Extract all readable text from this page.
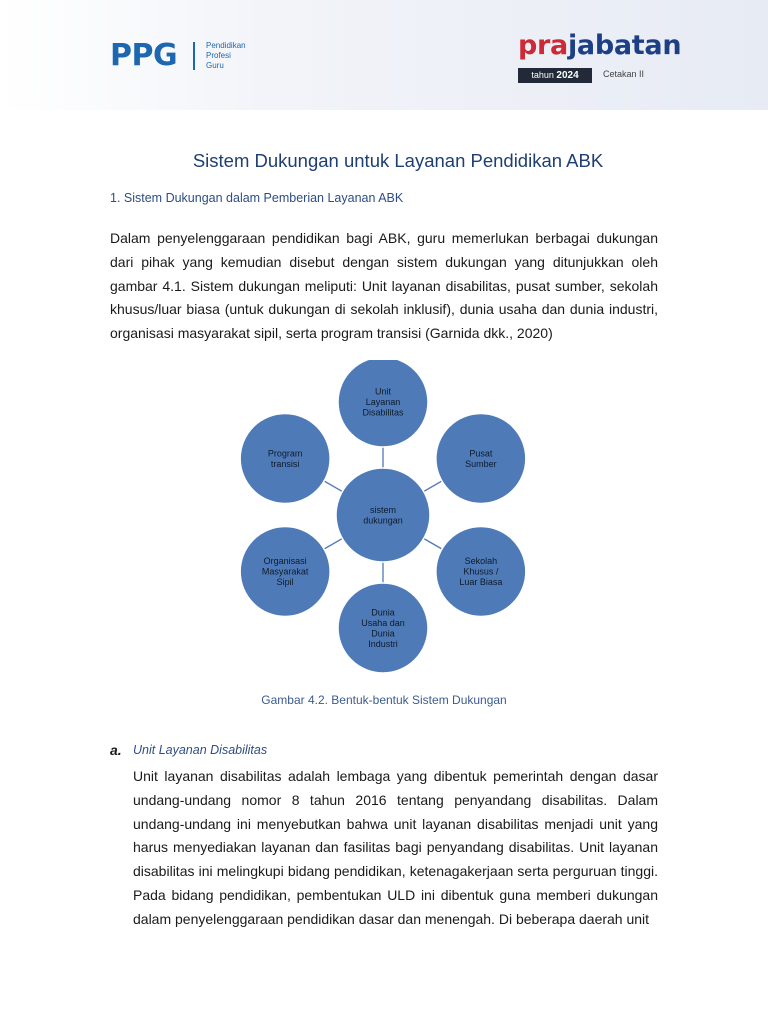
PPG	Pendidikan
Profesi
Guru
prajabatan
tahun 2024	Cetakan II
Sistem Dukungan untuk Layanan Pendidikan ABK
1. Sistem Dukungan dalam Pemberian Layanan ABK

Dalam penyelenggaraan pendidikan bagi ABK, guru memerlukan berbagai dukungan dari pihak yang kemudian disebut dengan sistem dukungan yang ditunjukkan oleh gambar 4.1. Sistem dukungan meliputi: Unit layanan disabilitas, pusat sumber, sekolah khusus/luar biasa (untuk dukungan di sekolah inklusif), dunia usaha dan dunia industri, organisasi masyarakat sipil, serta program transisi (Garnida dkk., 2020)

Unit
Layanan
Disabilitas
Pusat
Sumber
Sekolah
Khusus /
Luar Biasa
Dunia
Usaha dan
Dunia
Industri
Organisasi
Masyarakat
Sipil
Program
transisi
sistem
dukungan
Gambar 4.2. Bentuk-bentuk Sistem Dukungan
a. Unit Layanan Disabilitas

Unit layanan disabilitas adalah lembaga yang dibentuk pemerintah dengan dasar undang-undang nomor 8 tahun 2016 tentang penyandang disabilitas. Dalam undang-undang ini menyebutkan bahwa unit layanan disabilitas menjadi unit yang harus menyediakan layanan dan fasilitas bagi penyandang disabilitas. Unit layanan disabilitas ini melingkupi bidang pendidikan, ketenagakerjaan serta perguruan tinggi. Pada bidang pendidikan, pembentukan ULD ini dibentuk guna memberi dukungan dalam penyelenggaraan pendidikan dasar dan menengah. Di beberapa daerah unit
